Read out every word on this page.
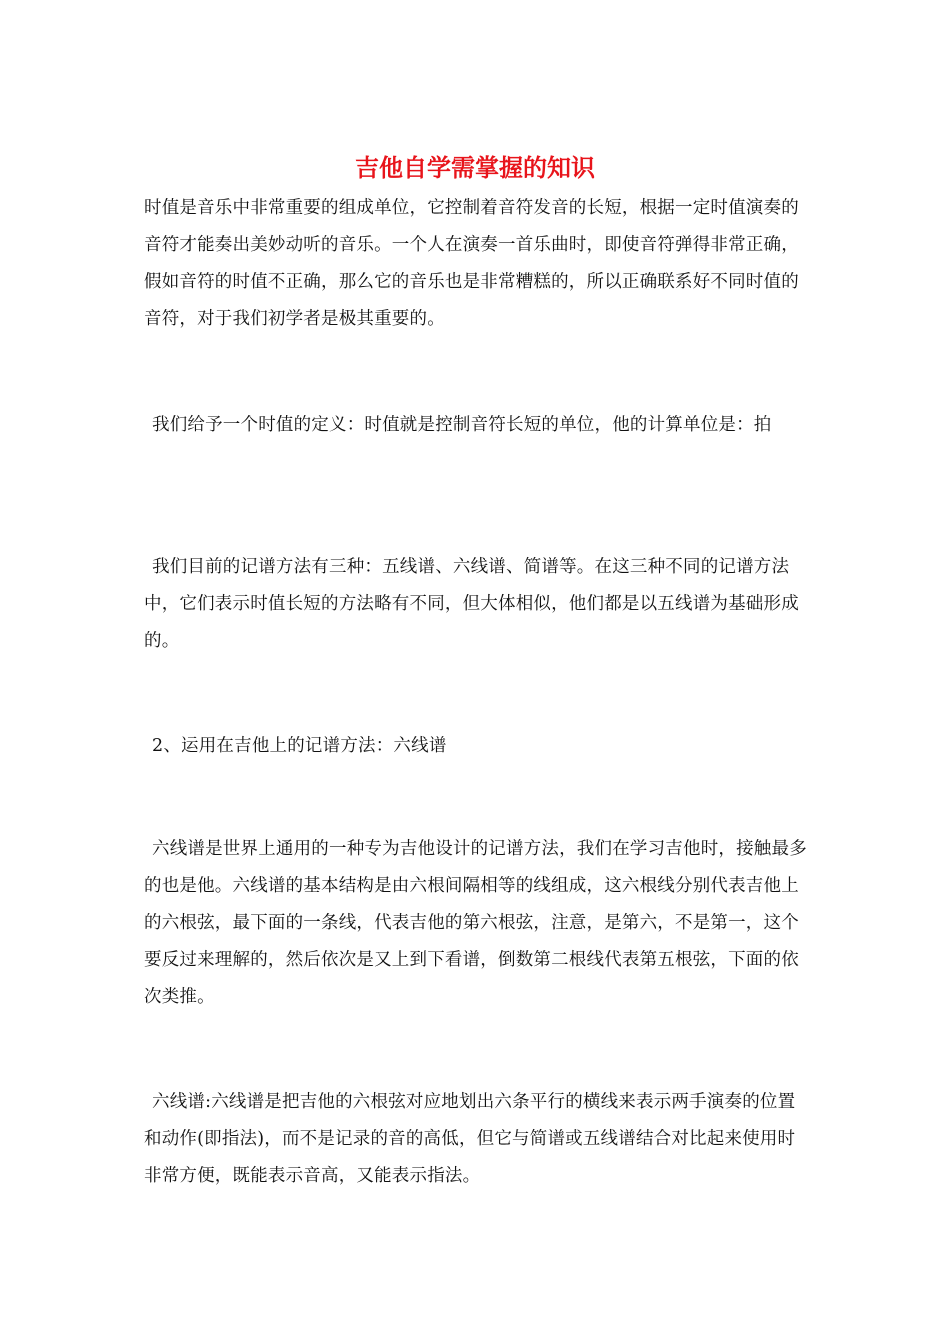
吉他自学需掌握的知识

时值是音乐中非常重要的组成单位，它控制着音符发音的长短，根据一定时值演奏的音符才能奏出美妙动听的音乐。一个人在演奏一首乐曲时，即使音符弹得非常正确，假如音符的时值不正确，那么它的音乐也是非常糟糕的，所以正确联系好不同时值的音符，对于我们初学者是极其重要的。

我们给予一个时值的定义：时值就是控制音符长短的单位，他的计算单位是：拍

我们目前的记谱方法有三种：五线谱、六线谱、简谱等。在这三种不同的记谱方法中，它们表示时值长短的方法略有不同，但大体相似，他们都是以五线谱为基础形成的。

2、运用在吉他上的记谱方法：六线谱

六线谱是世界上通用的一种专为吉他设计的记谱方法，我们在学习吉他时，接触最多的也是他。六线谱的基本结构是由六根间隔相等的线组成，这六根线分别代表吉他上的六根弦，最下面的一条线，代表吉他的第六根弦，注意，是第六，不是第一，这个要反过来理解的，然后依次是又上到下看谱，倒数第二根线代表第五根弦，下面的依次类推。

六线谱:六线谱是把吉他的六根弦对应地划出六条平行的横线来表示两手演奏的位置和动作(即指法)，而不是记录的音的高低，但它与简谱或五线谱结合对比起来使用时非常方便，既能表示音高，又能表示指法。
